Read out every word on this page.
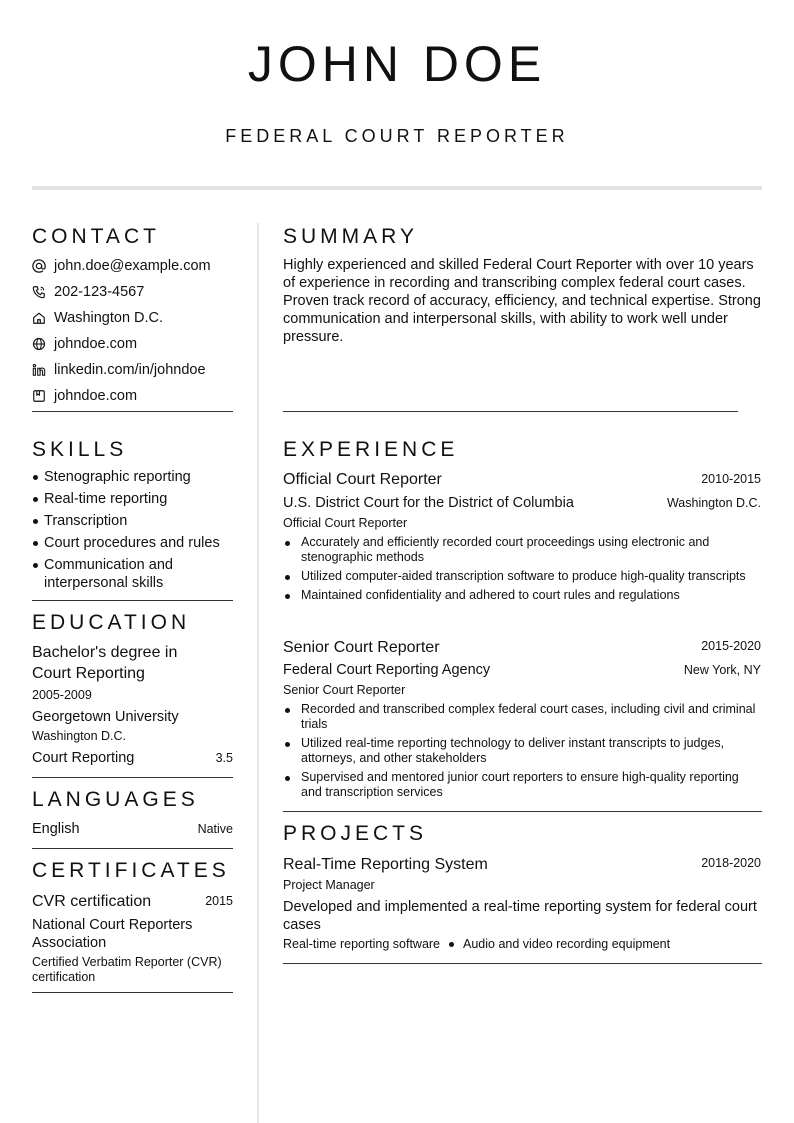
JOHN DOE
FEDERAL COURT REPORTER
CONTACT
john.doe@example.com
202-123-4567
Washington D.C.
johndoe.com
linkedin.com/in/johndoe
johndoe.com
SKILLS
Stenographic reporting
Real-time reporting
Transcription
Court procedures and rules
Communication and interpersonal skills
EDUCATION
Bachelor's degree in Court Reporting
2005-2009
Georgetown University
Washington D.C.
Court Reporting	3.5
LANGUAGES
English	Native
CERTIFICATES
CVR certification	2015
National Court Reporters Association
Certified Verbatim Reporter (CVR) certification
SUMMARY
Highly experienced and skilled Federal Court Reporter with over 10 years of experience in recording and transcribing complex federal court cases. Proven track record of accuracy, efficiency, and technical expertise. Strong communication and interpersonal skills, with ability to work well under pressure.
EXPERIENCE
Official Court Reporter	2010-2015
U.S. District Court for the District of Columbia	Washington D.C.
Official Court Reporter
Accurately and efficiently recorded court proceedings using electronic and stenographic methods
Utilized computer-aided transcription software to produce high-quality transcripts
Maintained confidentiality and adhered to court rules and regulations
Senior Court Reporter	2015-2020
Federal Court Reporting Agency	New York, NY
Senior Court Reporter
Recorded and transcribed complex federal court cases, including civil and criminal trials
Utilized real-time reporting technology to deliver instant transcripts to judges, attorneys, and other stakeholders
Supervised and mentored junior court reporters to ensure high-quality reporting and transcription services
PROJECTS
Real-Time Reporting System	2018-2020
Project Manager
Developed and implemented a real-time reporting system for federal court cases
Real-time reporting software Audio and video recording equipment
